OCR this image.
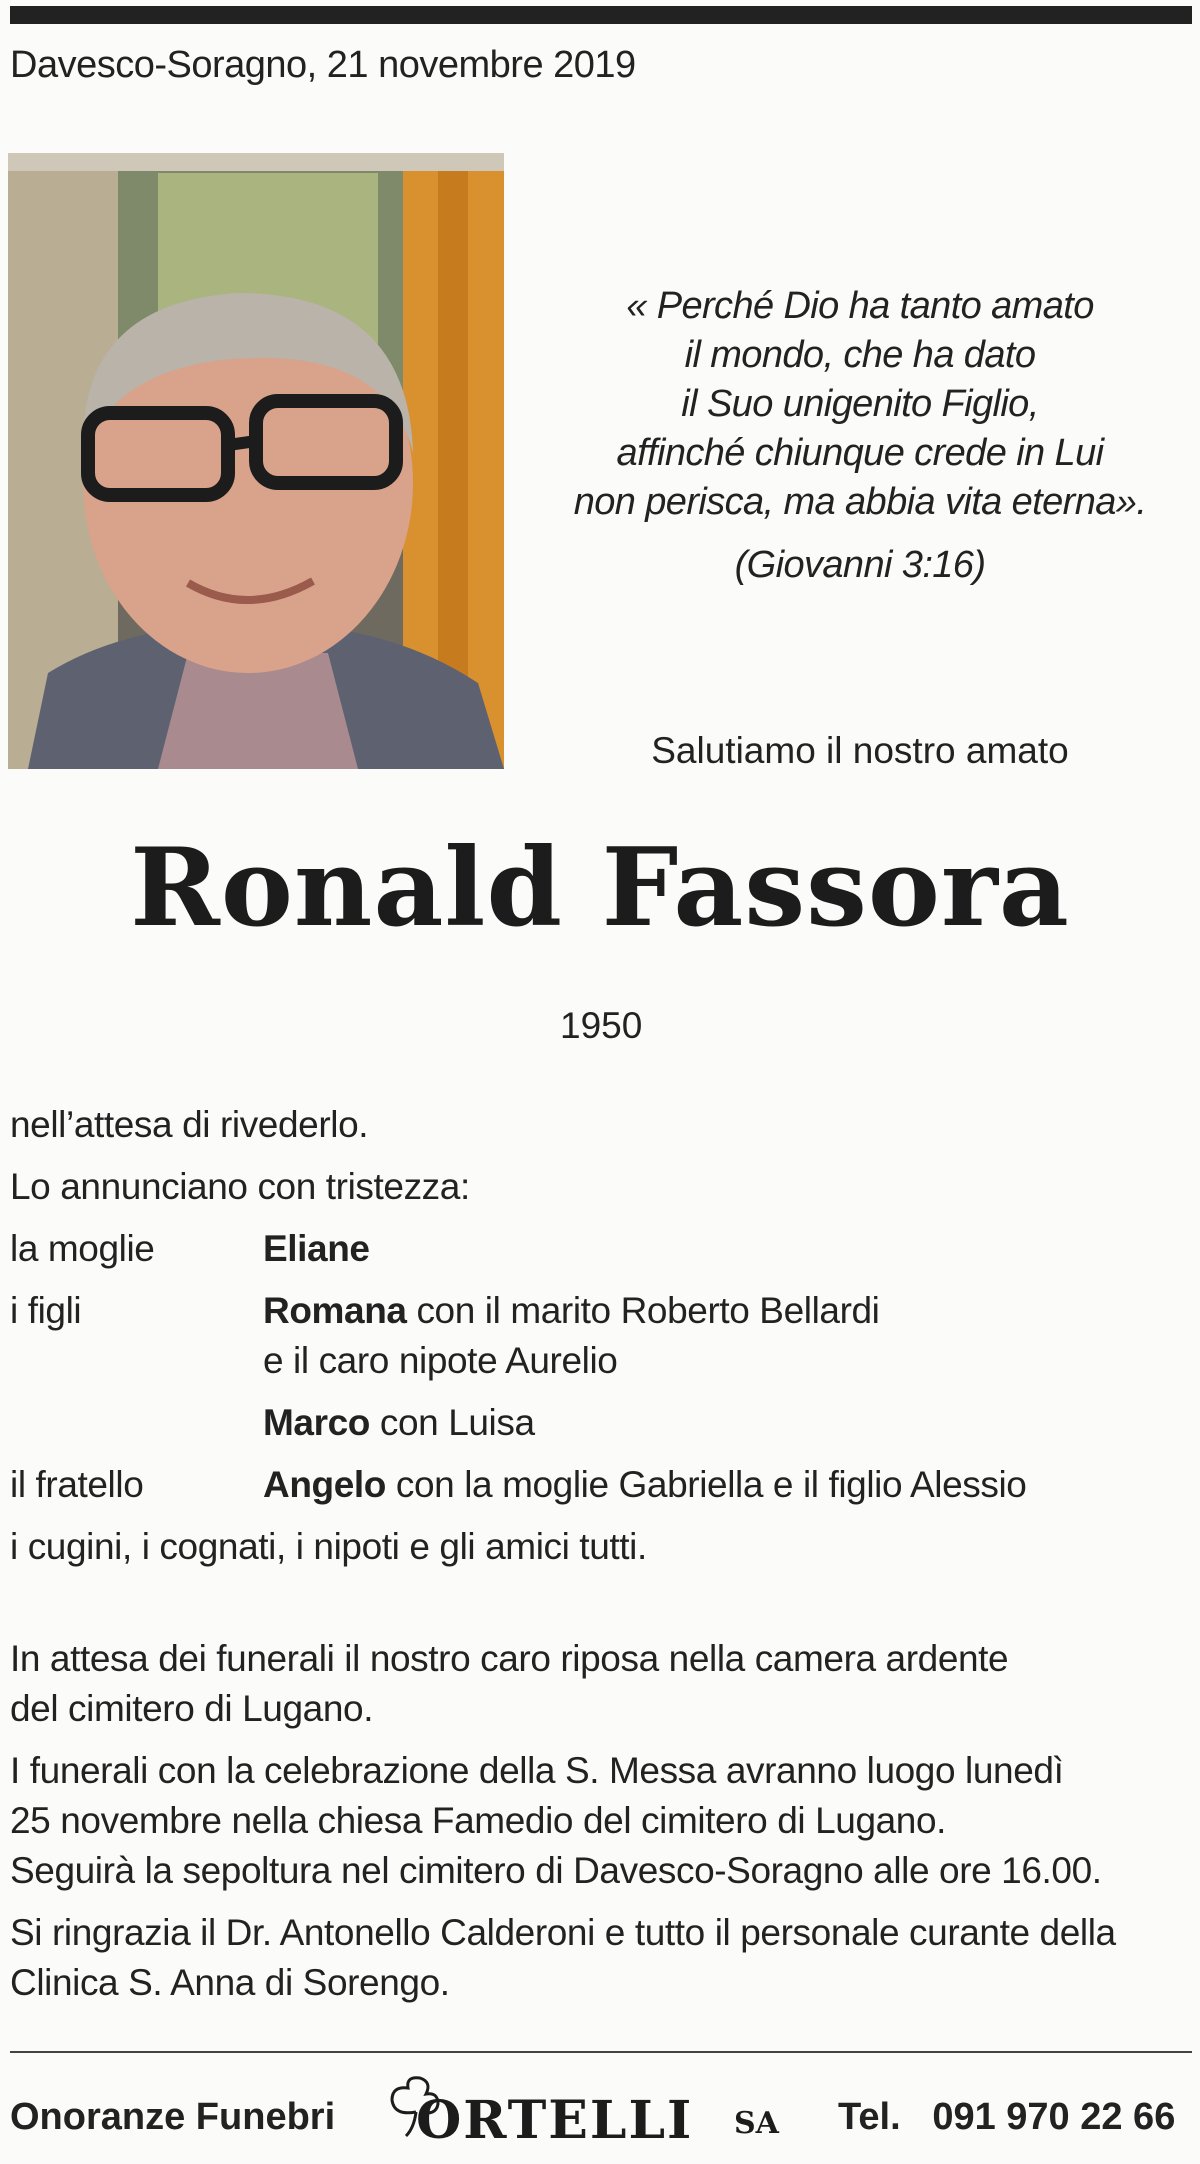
Davesco-Soragno, 21 novembre 2019
« Perché Dio ha tanto amato
il mondo, che ha dato
il Suo unigenito Figlio,
affinché chiunque crede in Lui
non perisca, ma abbia vita eterna».
(Giovanni 3:16)
Salutiamo il nostro amato
Ronald Fassora
1950
nell’attesa di rivederlo.
Lo annunciano con tristezza:
la moglie	Eliane
i figli	Romana con il marito Roberto Bellardi
e il caro nipote Aurelio
Marco con Luisa
il fratello	Angelo con la moglie Gabriella e il figlio Alessio
i cugini, i cognati, i nipoti e gli amici tutti.
In attesa dei funerali il nostro caro riposa nella camera ardente
del cimitero di Lugano.
I funerali con la celebrazione della S. Messa avranno luogo lunedì
25 novembre nella chiesa Famedio del cimitero di Lugano.
Seguirà la sepoltura nel cimitero di Davesco-Soragno alle ore 16.00.
Si ringrazia il Dr. Antonello Calderoni e tutto il personale curante della
Clinica S. Anna di Sorengo.
Onoranze Funebri ORTELLI SA Tel.   091 970 22 66
